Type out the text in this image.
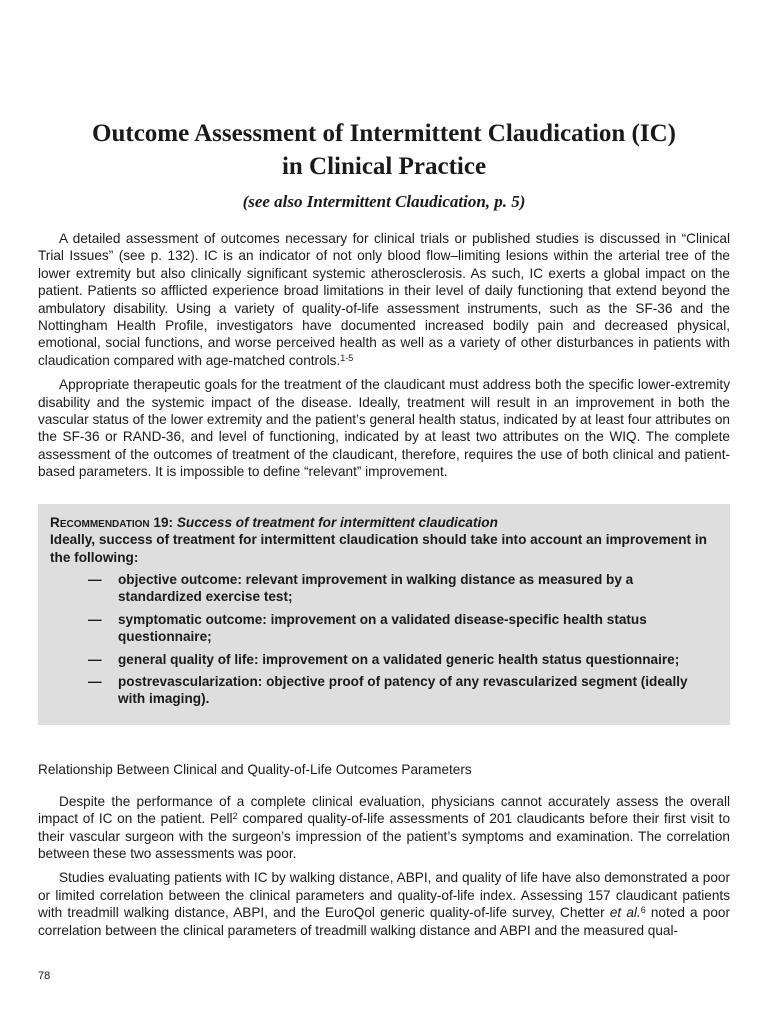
Outcome Assessment of Intermittent Claudication (IC)
in Clinical Practice
(see also Intermittent Claudication, p. 5)

A detailed assessment of outcomes necessary for clinical trials or published studies is discussed in “Clinical Trial Issues” (see p. 132). IC is an indicator of not only blood flow–limiting lesions within the arterial tree of the lower extremity but also clinically significant systemic atherosclerosis. As such, IC exerts a global impact on the patient. Patients so afflicted experience broad limitations in their level of daily functioning that extend beyond the ambulatory disability. Using a variety of quality-of-life assessment instruments, such as the SF-36 and the Nottingham Health Profile, investigators have documented increased bodily pain and decreased physical, emotional, social functions, and worse perceived health as well as a variety of other disturbances in patients with claudication compared with age-matched controls.$^{1-5}$

Appropriate therapeutic goals for the treatment of the claudicant must address both the specific lower-extremity disability and the systemic impact of the disease. Ideally, treatment will result in an improvement in both the vascular status of the lower extremity and the patient’s general health status, indicated by at least four attributes on the SF-36 or RAND-36, and level of functioning, indicated by at least two attributes on the WIQ. The complete assessment of the outcomes of treatment of the claudicant, therefore, requires the use of both clinical and patient-based parameters. It is impossible to define “relevant” improvement.

Recommendation 19: Success of treatment for intermittent claudication
Ideally, success of treatment for intermittent claudication should take into account an improvement in the following:
— objective outcome: relevant improvement in walking distance as measured by a standardized exercise test;
— symptomatic outcome: improvement on a validated disease-specific health status questionnaire;
— general quality of life: improvement on a validated generic health status questionnaire;
— postrevascularization: objective proof of patency of any revascularized segment (ideally with imaging).
Relationship Between Clinical and Quality-of-Life Outcomes Parameters

Despite the performance of a complete clinical evaluation, physicians cannot accurately assess the overall impact of IC on the patient. Pell$^2$ compared quality-of-life assessments of 201 claudicants before their first visit to their vascular surgeon with the surgeon’s impression of the patient’s symptoms and examination. The correlation between these two assessments was poor.

Studies evaluating patients with IC by walking distance, ABPI, and quality of life have also demonstrated a poor or limited correlation between the clinical parameters and quality-of-life index. Assessing 157 claudicant patients with treadmill walking distance, ABPI, and the EuroQol generic quality-of-life survey, Chetter et al.$^6$ noted a poor correlation between the clinical parameters of treadmill walking distance and ABPI and the measured qual-

78
